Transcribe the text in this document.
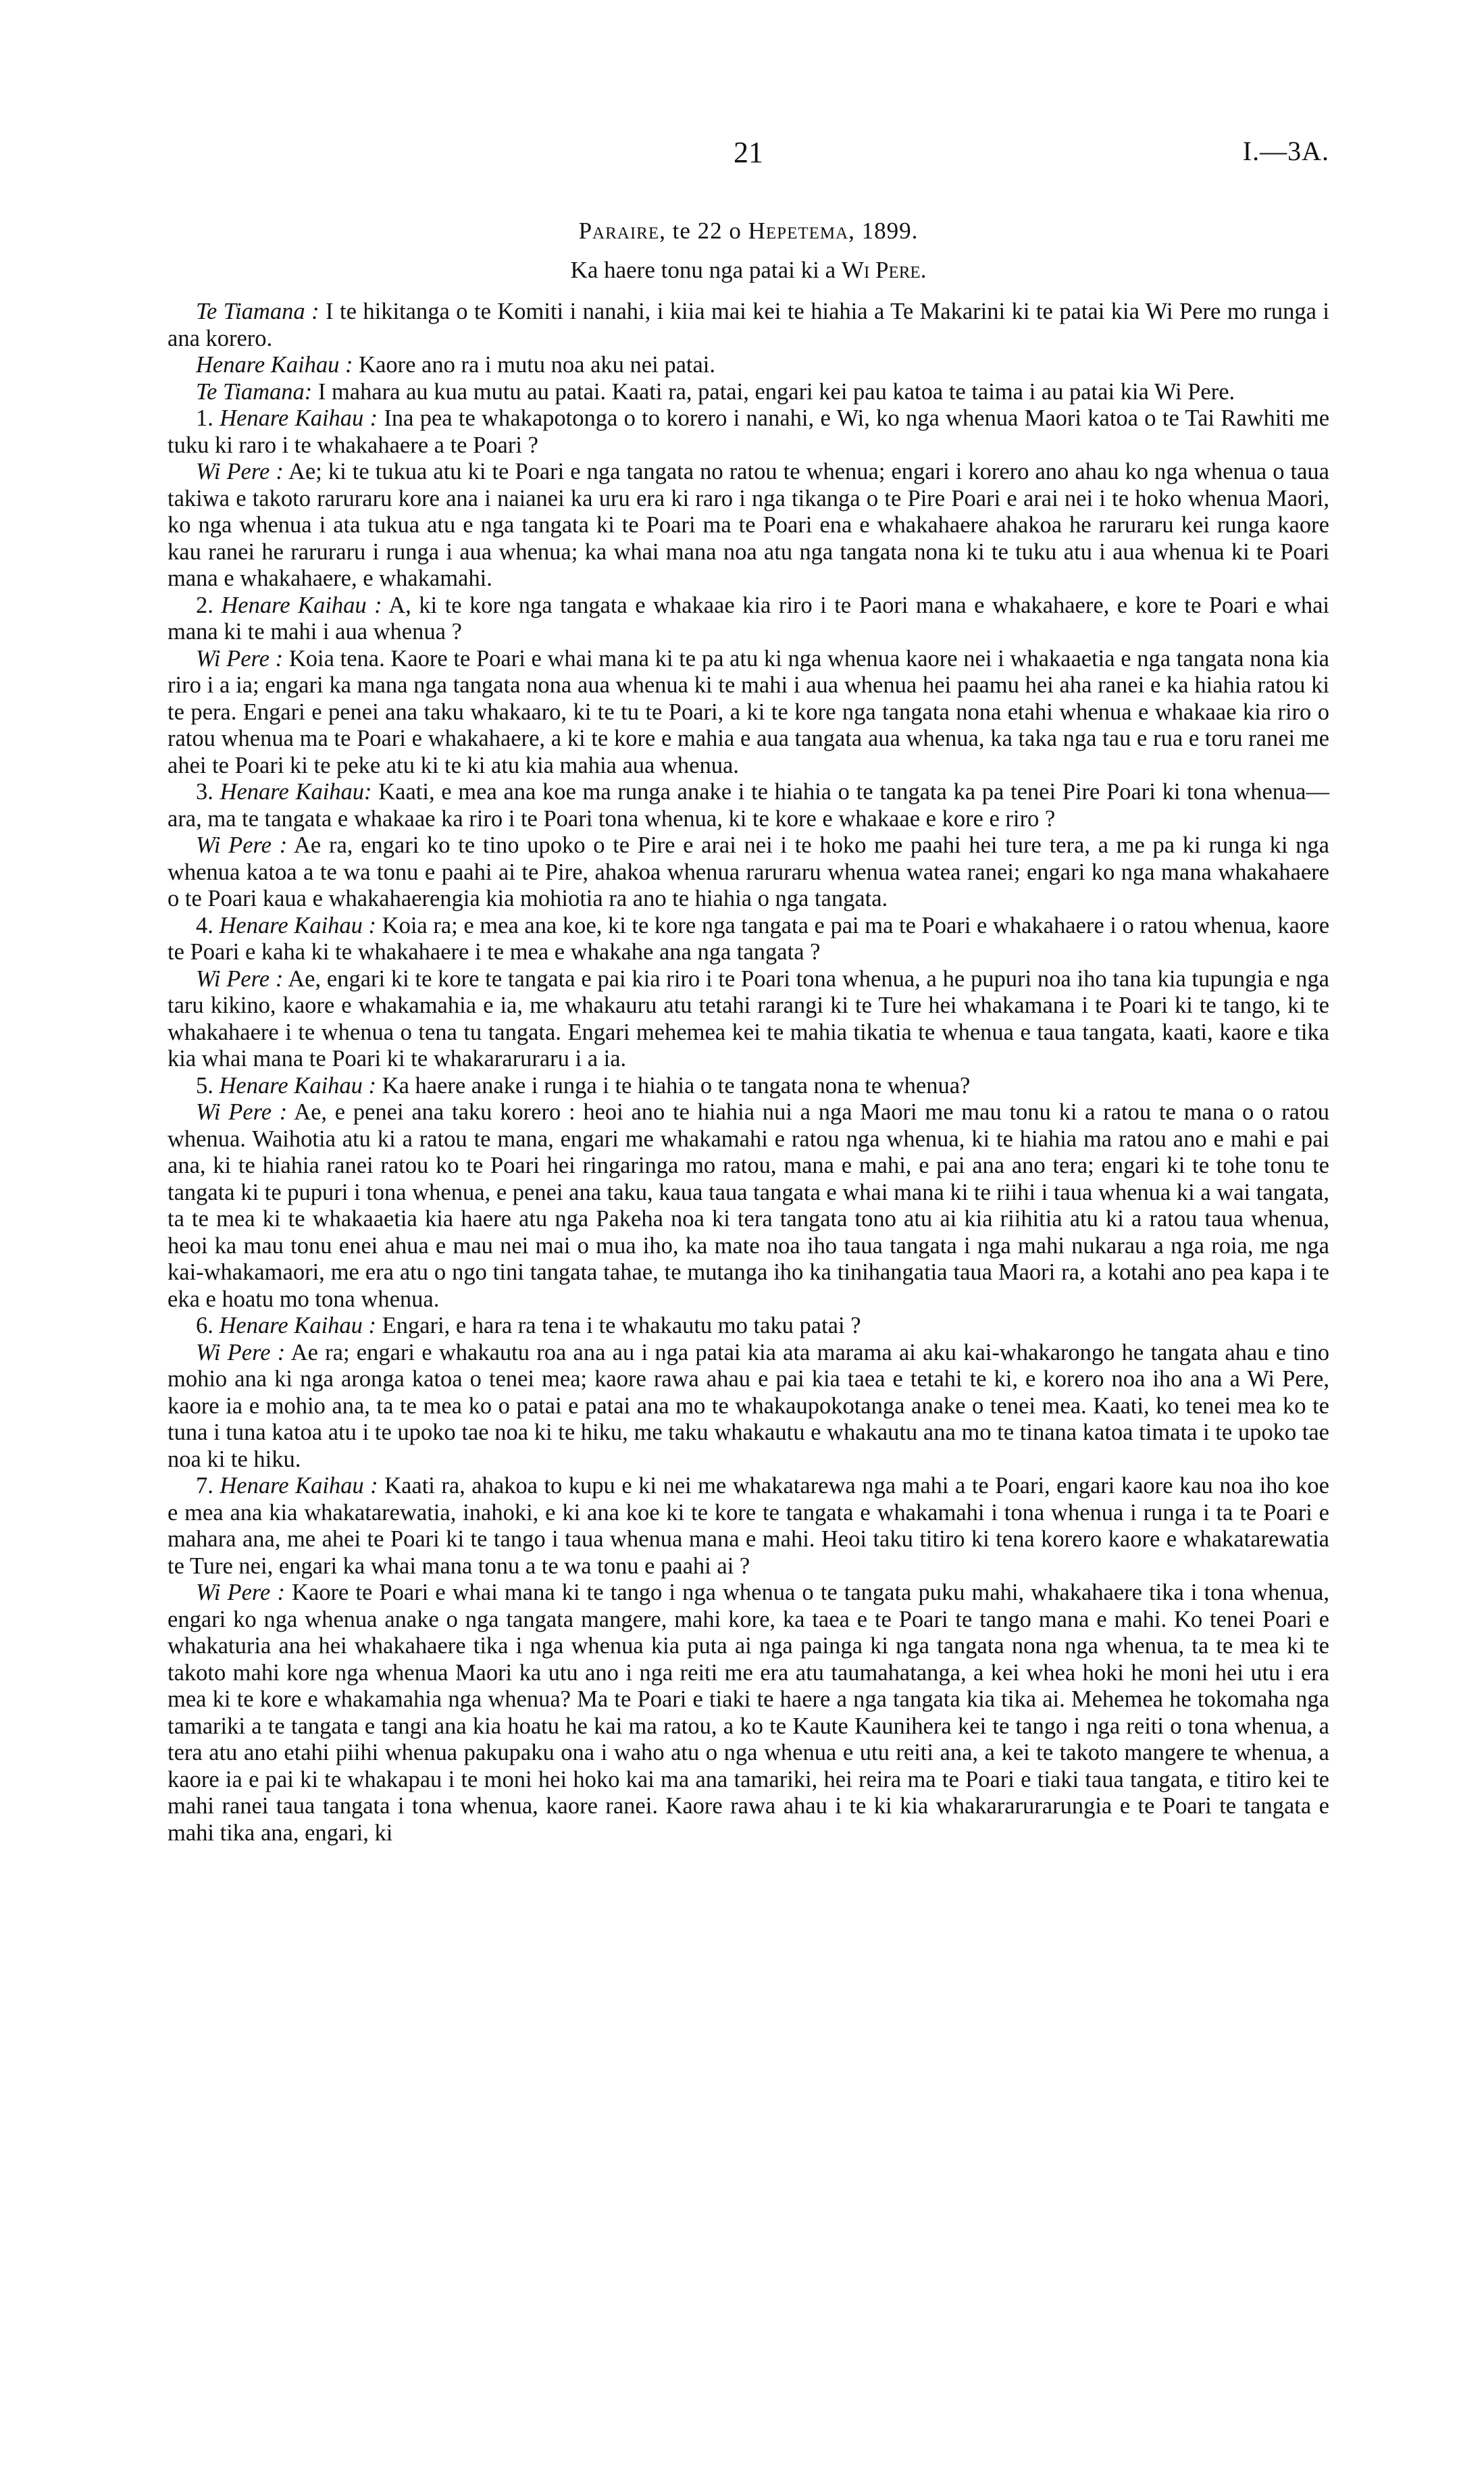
21	I.—3A.
Paraire, te 22 o Hepetema, 1899.
Ka haere tonu nga patai ki a Wi Pere.

Te Tiamana : I te hikitanga o te Komiti i nanahi, i kiia mai kei te hiahia a Te Makarini ki te patai kia Wi Pere mo runga i ana korero.

Henare Kaihau : Kaore ano ra i mutu noa aku nei patai.

Te Tiamana: I mahara au kua mutu au patai. Kaati ra, patai, engari kei pau katoa te taima i au patai kia Wi Pere.

1. Henare Kaihau : Ina pea te whakapotonga o to korero i nanahi, e Wi, ko nga whenua Maori katoa o te Tai Rawhiti me tuku ki raro i te whakahaere a te Poari ?

Wi Pere : Ae; ki te tukua atu ki te Poari e nga tangata no ratou te whenua; engari i korero ano ahau ko nga whenua o taua takiwa e takoto raruraru kore ana i naianei ka uru era ki raro i nga tikanga o te Pire Poari e arai nei i te hoko whenua Maori, ko nga whenua i ata tukua atu e nga tangata ki te Poari ma te Poari ena e whakahaere ahakoa he raruraru kei runga kaore kau ranei he raruraru i runga i aua whenua; ka whai mana noa atu nga tangata nona ki te tuku atu i aua whenua ki te Poari mana e whakahaere, e whakamahi.

2. Henare Kaihau : A, ki te kore nga tangata e whakaae kia riro i te Paori mana e whakahaere, e kore te Poari e whai mana ki te mahi i aua whenua ?

Wi Pere : Koia tena. Kaore te Poari e whai mana ki te pa atu ki nga whenua kaore nei i whakaaetia e nga tangata nona kia riro i a ia; engari ka mana nga tangata nona aua whenua ki te mahi i aua whenua hei paamu hei aha ranei e ka hiahia ratou ki te pera. Engari e penei ana taku whakaaro, ki te tu te Poari, a ki te kore nga tangata nona etahi whenua e whakaae kia riro o ratou whenua ma te Poari e whakahaere, a ki te kore e mahia e aua tangata aua whenua, ka taka nga tau e rua e toru ranei me ahei te Poari ki te peke atu ki te ki atu kia mahia aua whenua.

3. Henare Kaihau: Kaati, e mea ana koe ma runga anake i te hiahia o te tangata ka pa tenei Pire Poari ki tona whenua— ara, ma te tangata e whakaae ka riro i te Poari tona whenua, ki te kore e whakaae e kore e riro ?

Wi Pere : Ae ra, engari ko te tino upoko o te Pire e arai nei i te hoko me paahi hei ture tera, a me pa ki runga ki nga whenua katoa a te wa tonu e paahi ai te Pire, ahakoa whenua raruraru whenua watea ranei; engari ko nga mana whakahaere o te Poari kaua e whakahaerengia kia mohiotia ra ano te hiahia o nga tangata.

4. Henare Kaihau : Koia ra; e mea ana koe, ki te kore nga tangata e pai ma te Poari e whakahaere i o ratou whenua, kaore te Poari e kaha ki te whakahaere i te mea e whakahe ana nga tangata ?

Wi Pere : Ae, engari ki te kore te tangata e pai kia riro i te Poari tona whenua, a he pupuri noa iho tana kia tupungia e nga taru kikino, kaore e whakamahia e ia, me whakauru atu tetahi rarangi ki te Ture hei whakamana i te Poari ki te tango, ki te whakahaere i te whenua o tena tu tangata. Engari mehemea kei te mahia tikatia te whenua e taua tangata, kaati, kaore e tika kia whai mana te Poari ki te whakararuraru i a ia.

5. Henare Kaihau : Ka haere anake i runga i te hiahia o te tangata nona te whenua?

Wi Pere : Ae, e penei ana taku korero : heoi ano te hiahia nui a nga Maori me mau tonu ki a ratou te mana o o ratou whenua. Waihotia atu ki a ratou te mana, engari me whakamahi e ratou nga whenua, ki te hiahia ma ratou ano e mahi e pai ana, ki te hiahia ranei ratou ko te Poari hei ringaringa mo ratou, mana e mahi, e pai ana ano tera; engari ki te tohe tonu te tangata ki te pupuri i tona whenua, e penei ana taku, kaua taua tangata e whai mana ki te riihi i taua whenua ki a wai tangata, ta te mea ki te whakaaetia kia haere atu nga Pakeha noa ki tera tangata tono atu ai kia riihitia atu ki a ratou taua whenua, heoi ka mau tonu enei ahua e mau nei mai o mua iho, ka mate noa iho taua tangata i nga mahi nukarau a nga roia, me nga kai-whakamaori, me era atu o ngo tini tangata tahae, te mutanga iho ka tinihangatia taua Maori ra, a kotahi ano pea kapa i te eka e hoatu mo tona whenua.

6. Henare Kaihau : Engari, e hara ra tena i te whakautu mo taku patai ?

Wi Pere : Ae ra; engari e whakautu roa ana au i nga patai kia ata marama ai aku kai-whakarongo he tangata ahau e tino mohio ana ki nga aronga katoa o tenei mea; kaore rawa ahau e pai kia taea e tetahi te ki, e korero noa iho ana a Wi Pere, kaore ia e mohio ana, ta te mea ko o patai e patai ana mo te whakaupokotanga anake o tenei mea. Kaati, ko tenei mea ko te tuna i tuna katoa atu i te upoko tae noa ki te hiku, me taku whakautu e whakautu ana mo te tinana katoa timata i te upoko tae noa ki te hiku.

7. Henare Kaihau : Kaati ra, ahakoa to kupu e ki nei me whakatarewa nga mahi a te Poari, engari kaore kau noa iho koe e mea ana kia whakatarewatia, inahoki, e ki ana koe ki te kore te tangata e whakamahi i tona whenua i runga i ta te Poari e mahara ana, me ahei te Poari ki te tango i taua whenua mana e mahi. Heoi taku titiro ki tena korero kaore e whakatarewatia te Ture nei, engari ka whai mana tonu a te wa tonu e paahi ai ?

Wi Pere : Kaore te Poari e whai mana ki te tango i nga whenua o te tangata puku mahi, whakahaere tika i tona whenua, engari ko nga whenua anake o nga tangata mangere, mahi kore, ka taea e te Poari te tango mana e mahi. Ko tenei Poari e whakaturia ana hei whakahaere tika i nga whenua kia puta ai nga painga ki nga tangata nona nga whenua, ta te mea ki te takoto mahi kore nga whenua Maori ka utu ano i nga reiti me era atu taumahatanga, a kei whea hoki he moni hei utu i era mea ki te kore e whakamahia nga whenua? Ma te Poari e tiaki te haere a nga tangata kia tika ai. Mehemea he tokomaha nga tamariki a te tangata e tangi ana kia hoatu he kai ma ratou, a ko te Kaute Kaunihera kei te tango i nga reiti o tona whenua, a tera atu ano etahi piihi whenua pakupaku ona i waho atu o nga whenua e utu reiti ana, a kei te takoto mangere te whenua, a kaore ia e pai ki te whakapau i te moni hei hoko kai ma ana tamariki, hei reira ma te Poari e tiaki taua tangata, e titiro kei te mahi ranei taua tangata i tona whenua, kaore ranei. Kaore rawa ahau i te ki kia whakararurarungia e te Poari te tangata e mahi tika ana, engari, ki
